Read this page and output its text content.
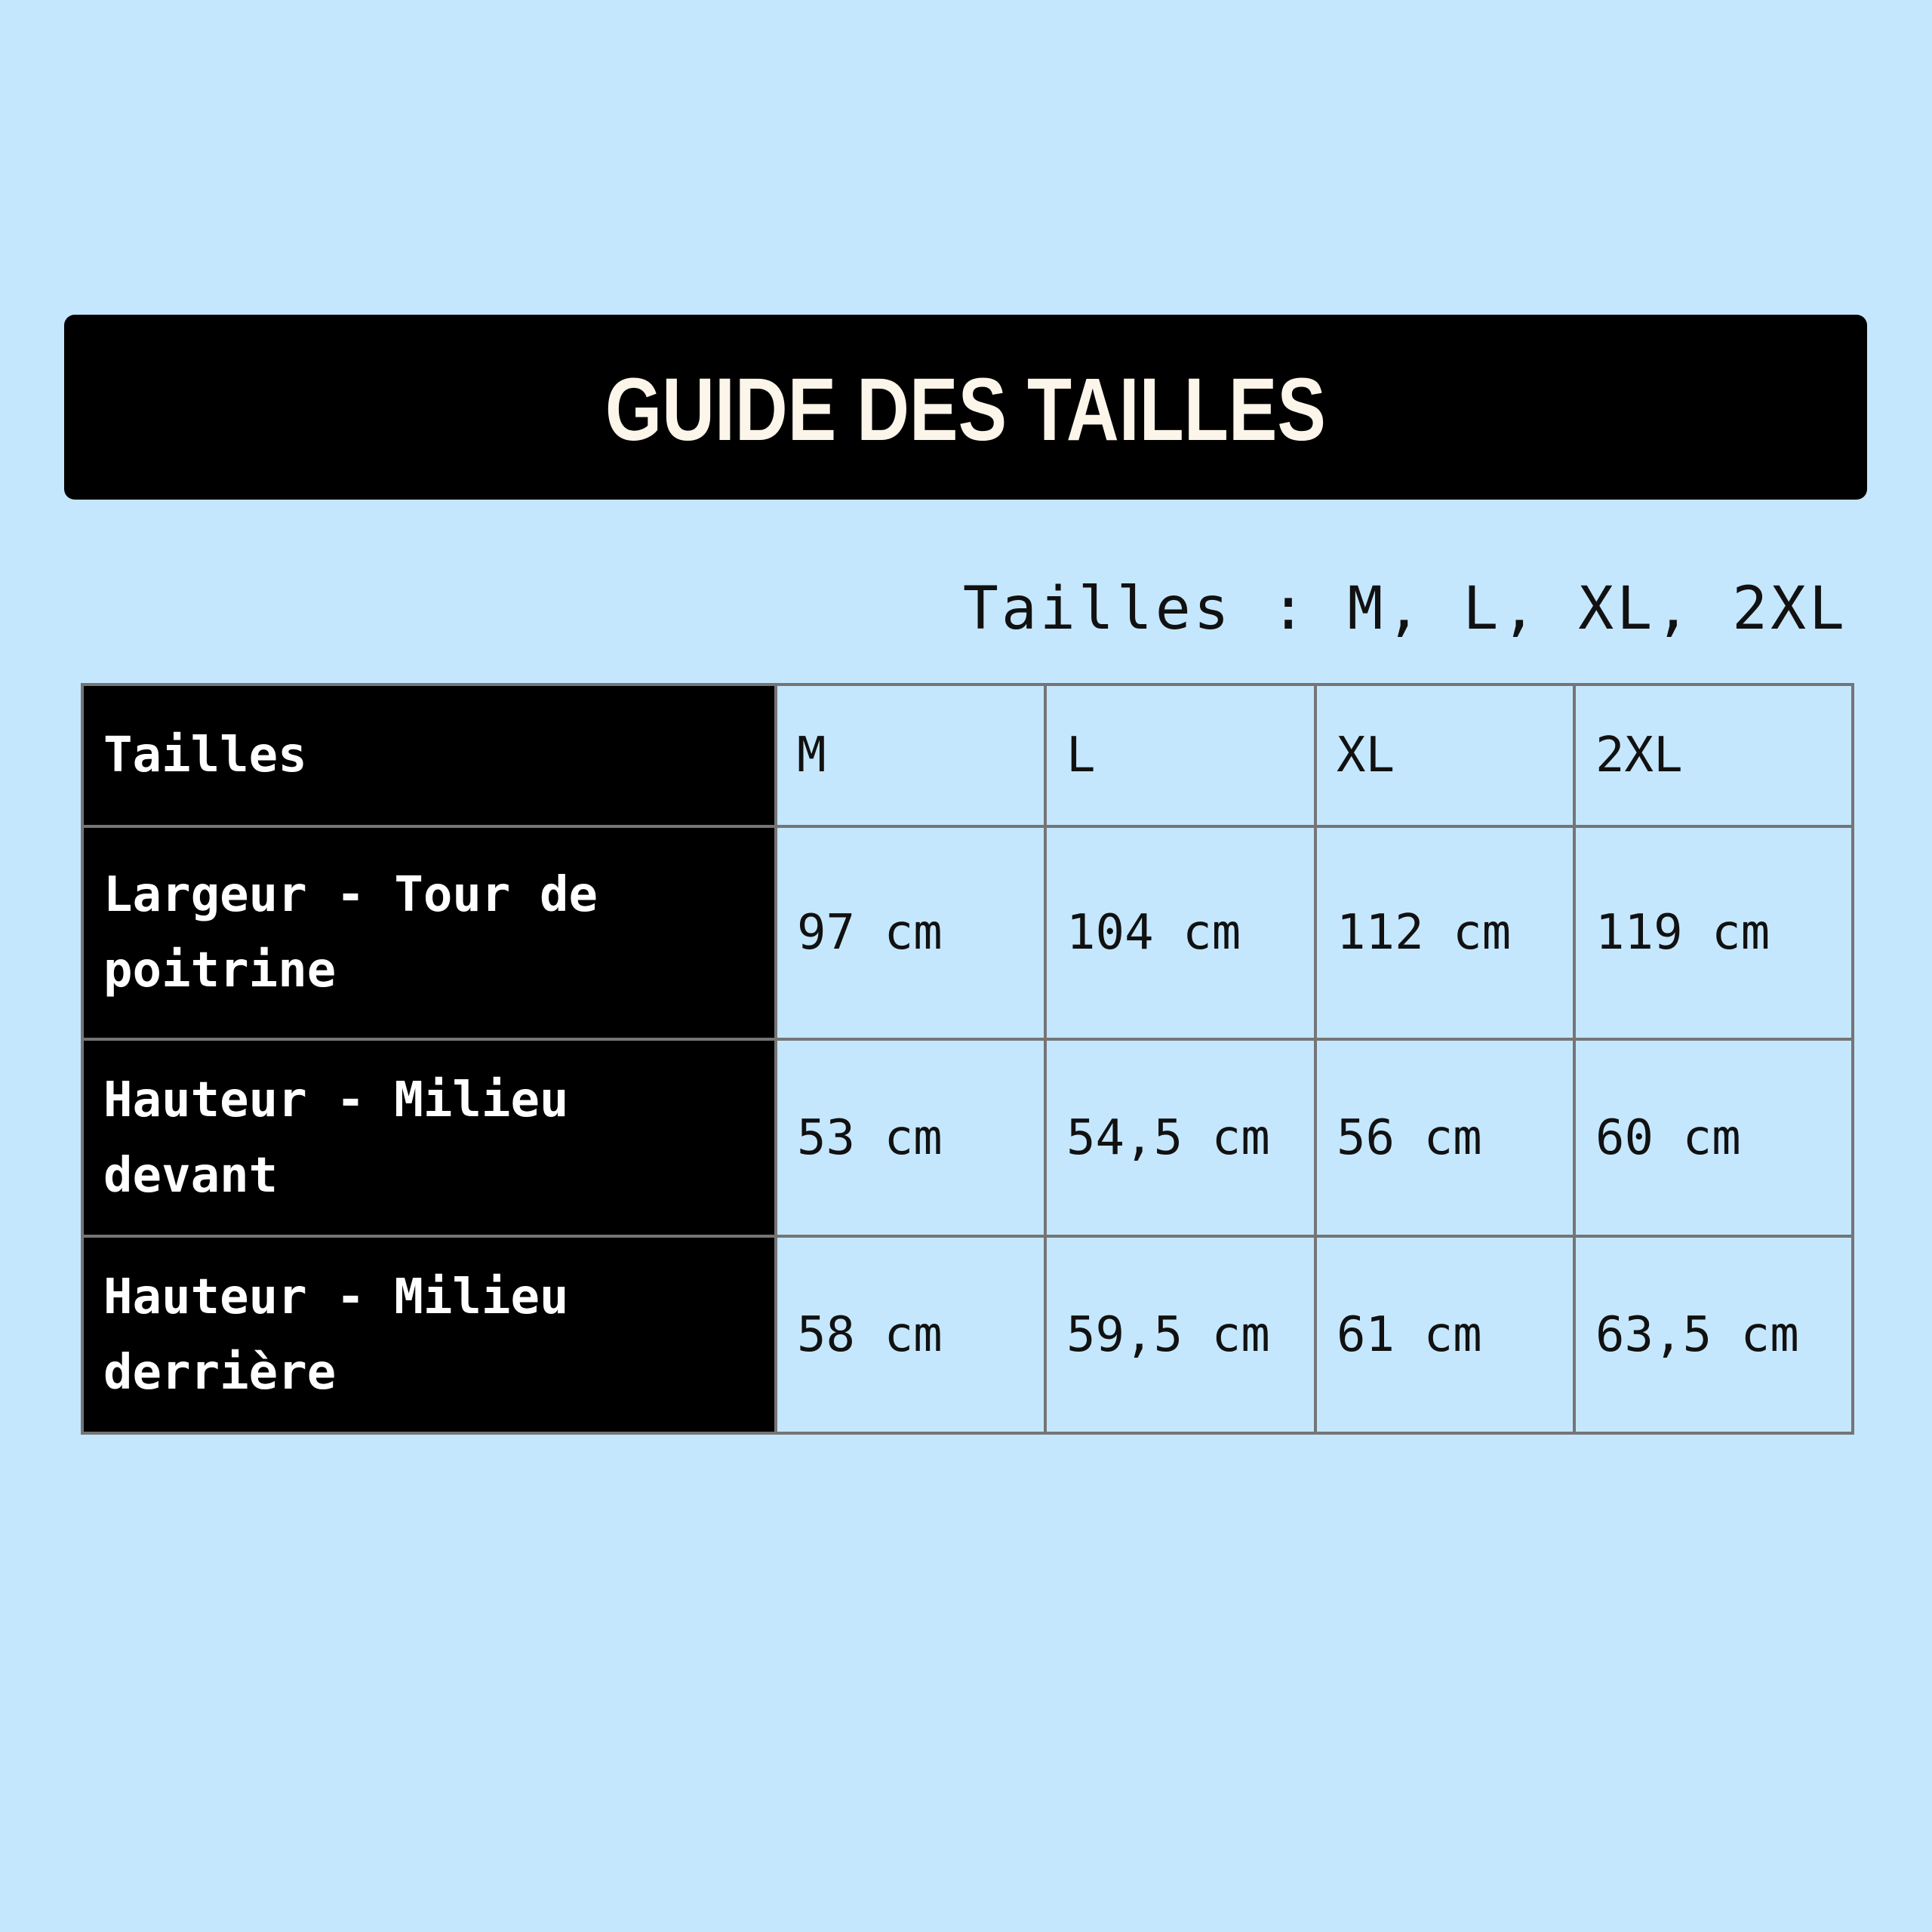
GUIDE DES TAILLES
Tailles : M, L, XL, 2XL
Tailles	M	L	XL	2XL
Largeur - Tour de poitrine	97 cm	104 cm	112 cm	119 cm
Hauteur - Milieu devant	53 cm	54,5 cm	56 cm	60 cm
Hauteur - Milieu derrière	58 cm	59,5 cm	61 cm	63,5 cm
